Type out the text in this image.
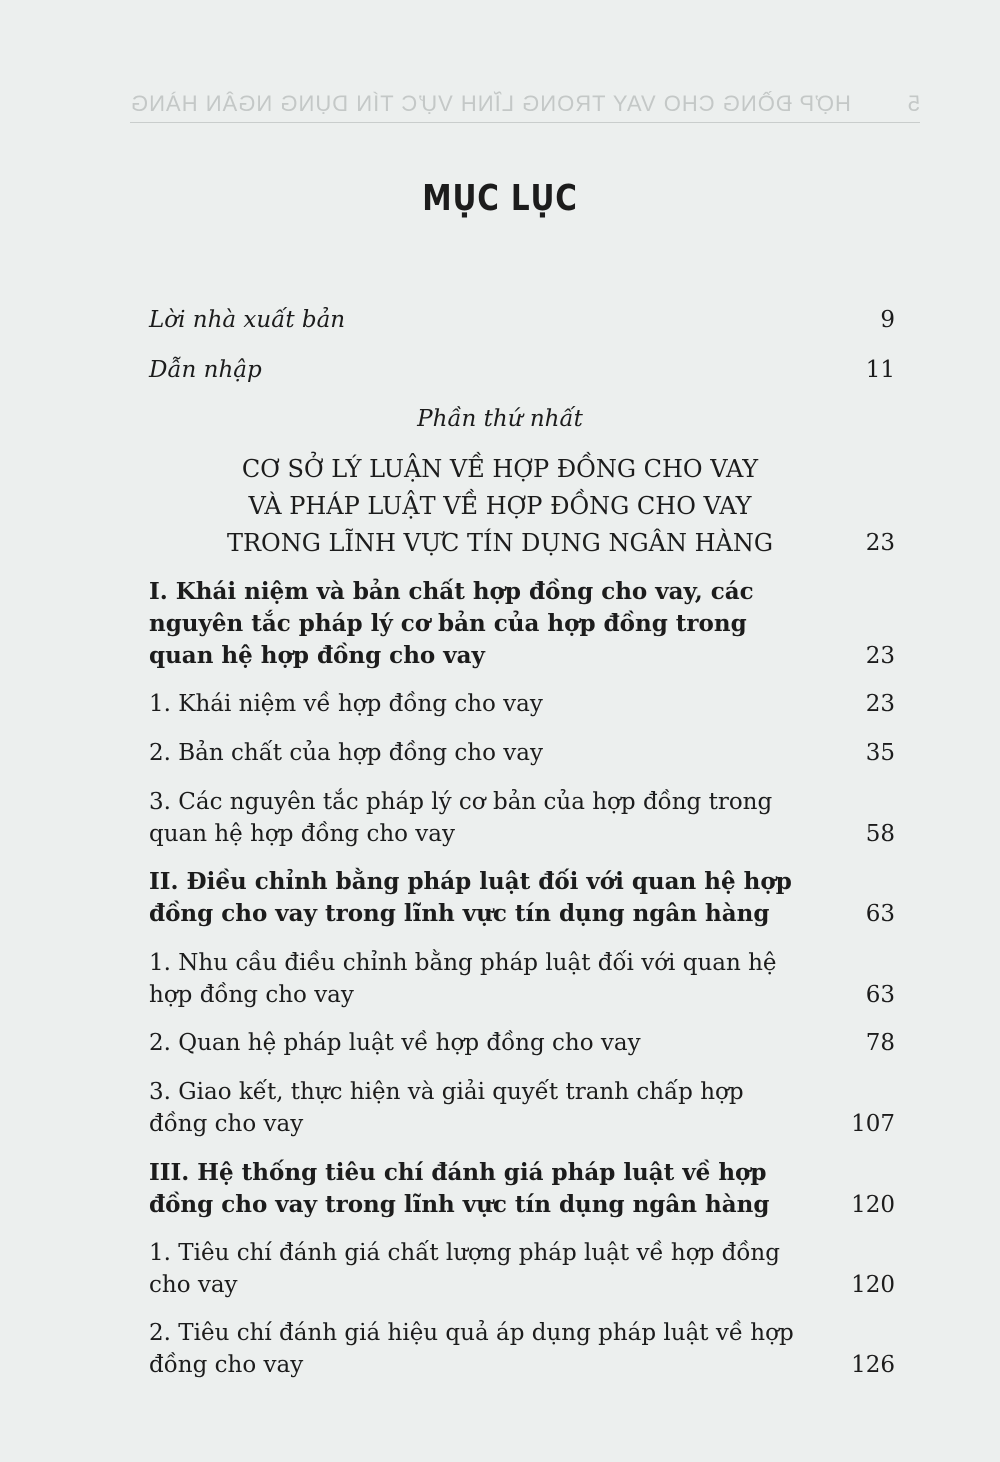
5
HỢP ĐỒNG CHO VAY TRONG LĨNH VỰC TÍN DỤNG NGÂN HÀNG
MỤC LỤC
Lời nhà xuất bản	9
Dẫn nhập	11
Phần thứ nhất
CƠ SỞ LÝ LUẬN VỀ HỢP ĐỒNG CHO VAY
VÀ PHÁP LUẬT VỀ HỢP ĐỒNG CHO VAY
TRONG LĨNH VỰC TÍN DỤNG NGÂN HÀNG	23
I. Khái niệm và bản chất hợp đồng cho vay, các
nguyên tắc pháp lý cơ bản của hợp đồng trong
quan hệ hợp đồng cho vay	23
1. Khái niệm về hợp đồng cho vay	23
2. Bản chất của hợp đồng cho vay	35
3. Các nguyên tắc pháp lý cơ bản của hợp đồng trong
quan hệ hợp đồng cho vay	58
II. Điều chỉnh bằng pháp luật đối với quan hệ hợp
đồng cho vay trong lĩnh vực tín dụng ngân hàng	63
1. Nhu cầu điều chỉnh bằng pháp luật đối với quan hệ
hợp đồng cho vay	63
2. Quan hệ pháp luật về hợp đồng cho vay	78
3. Giao kết, thực hiện và giải quyết tranh chấp hợp
đồng cho vay	107
III. Hệ thống tiêu chí đánh giá pháp luật về hợp
đồng cho vay trong lĩnh vực tín dụng ngân hàng	120
1. Tiêu chí đánh giá chất lượng pháp luật về hợp đồng
cho vay	120
2. Tiêu chí đánh giá hiệu quả áp dụng pháp luật về hợp
đồng cho vay	126
